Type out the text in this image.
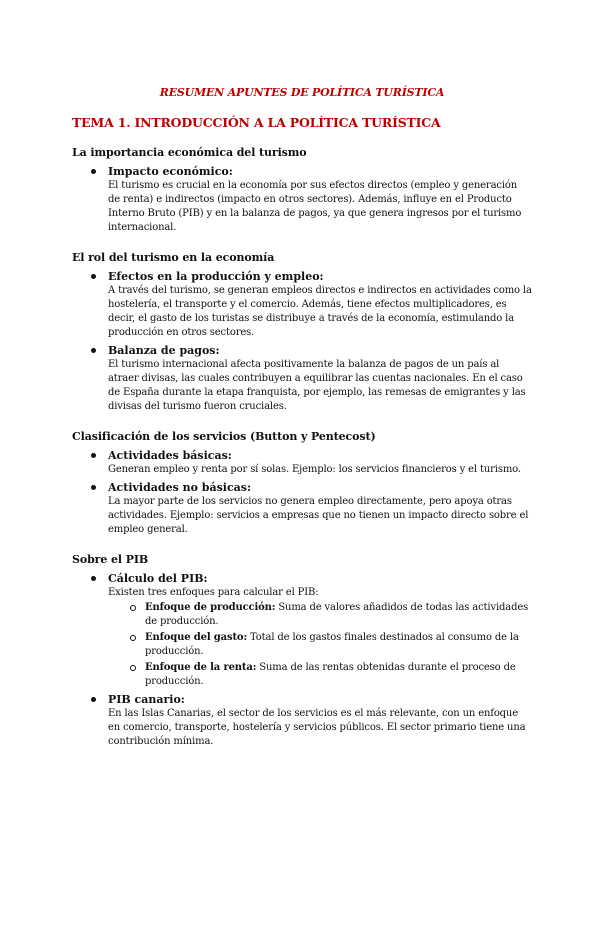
RESUMEN APUNTES DE POLÍTICA TURÍSTICA
TEMA 1. INTRODUCCIÓN A LA POLÍTICA TURÍSTICA
La importancia económica del turismo
Impacto económico:
El turismo es crucial en la economía por sus efectos directos (empleo y generación de renta) e indirectos (impacto en otros sectores). Además, influye en el Producto Interno Bruto (PIB) y en la balanza de pagos, ya que genera ingresos por el turismo internacional.
El rol del turismo en la economía
Efectos en la producción y empleo:
A través del turismo, se generan empleos directos e indirectos en actividades como la hostelería, el transporte y el comercio. Además, tiene efectos multiplicadores, es decir, el gasto de los turistas se distribuye a través de la economía, estimulando la producción en otros sectores.
Balanza de pagos:
El turismo internacional afecta positivamente la balanza de pagos de un país al atraer divisas, las cuales contribuyen a equilibrar las cuentas nacionales. En el caso de España durante la etapa franquista, por ejemplo, las remesas de emigrantes y las divisas del turismo fueron cruciales.
Clasificación de los servicios (Button y Pentecost)
Actividades básicas:
Generan empleo y renta por sí solas. Ejemplo: los servicios financieros y el turismo.
Actividades no básicas:
La mayor parte de los servicios no genera empleo directamente, pero apoya otras actividades. Ejemplo: servicios a empresas que no tienen un impacto directo sobre el empleo general.
Sobre el PIB
Cálculo del PIB:
Existen tres enfoques para calcular el PIB:
Enfoque de producción: Suma de valores añadidos de todas las actividades de producción.
Enfoque del gasto: Total de los gastos finales destinados al consumo de la producción.
Enfoque de la renta: Suma de las rentas obtenidas durante el proceso de producción.
PIB canario:
En las Islas Canarias, el sector de los servicios es el más relevante, con un enfoque en comercio, transporte, hostelería y servicios públicos. El sector primario tiene una contribución mínima.
